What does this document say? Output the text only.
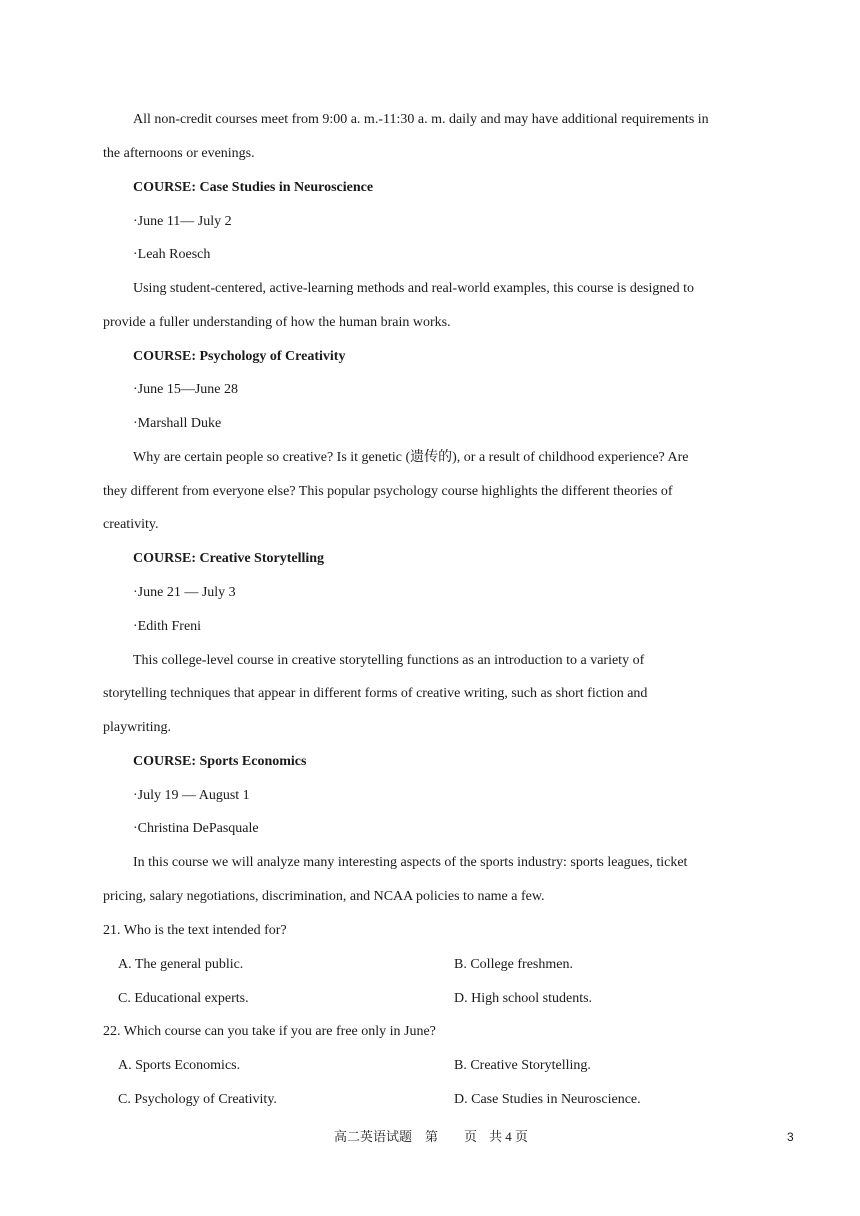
All non-credit courses meet from 9:00 a. m.-11:30 a. m. daily and may have additional requirements in
the afternoons or evenings.
COURSE: Case Studies in Neuroscience
·June 11— July 2
·Leah Roesch
Using student-centered, active-learning methods and real-world examples, this course is designed to
provide a fuller understanding of how the human brain works.
COURSE: Psychology of Creativity
·June 15—June 28
·Marshall Duke
Why are certain people so creative? Is it genetic (遗传的), or a result of childhood experience? Are
they different from everyone else? This popular psychology course highlights the different theories of
creativity.
COURSE: Creative Storytelling
·June 21 — July 3
·Edith Freni
This college-level course in creative storytelling functions as an introduction to a variety of
storytelling techniques that appear in different forms of creative writing, such as short fiction and
playwriting.
COURSE: Sports Economics
·July 19 — August 1
·Christina DePasquale
In this course we will analyze many interesting aspects of the sports industry: sports leagues, ticket
pricing, salary negotiations, discrimination, and NCAA policies to name a few.
21. Who is the text intended for?
A. The general public.	B. College freshmen.
C. Educational experts.	D. High school students.
22. Which course can you take if you are free only in June?
A. Sports Economics.	B. Creative Storytelling.
C. Psychology of Creativity.	D. Case Studies in Neuroscience.
高二英语试题 第 页 共 4 页	3
